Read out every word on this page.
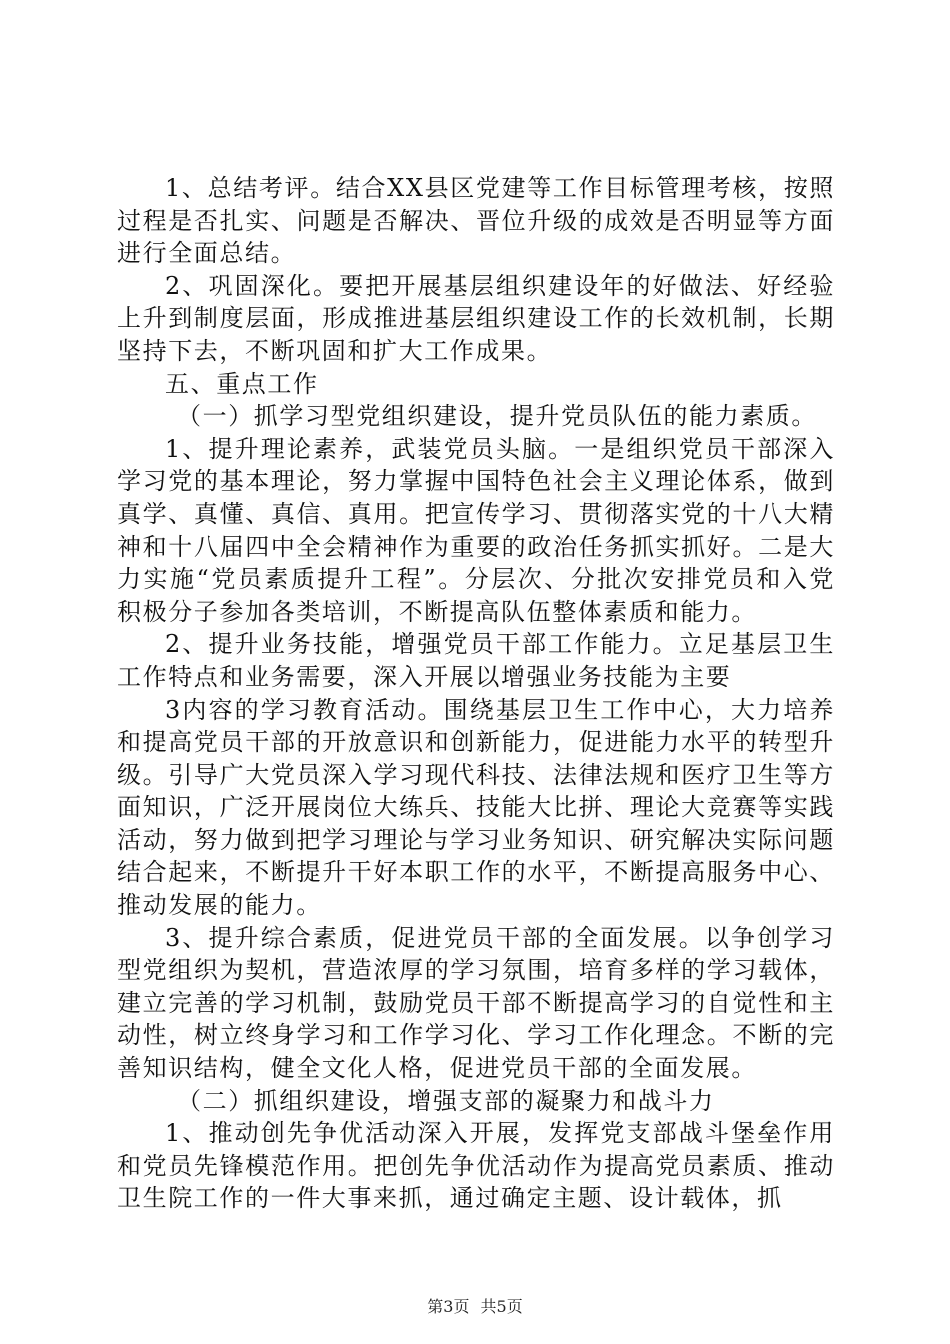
1、总结考评。结合XX县区党建等工作目标管理考核，按照过程是否扎实、问题是否解决、晋位升级的成效是否明显等方面进行全面总结。

2、巩固深化。要把开展基层组织建设年的好做法、好经验上升到制度层面，形成推进基层组织建设工作的长效机制，长期坚持下去，不断巩固和扩大工作成果。

五、重点工作

（一）抓学习型党组织建设，提升党员队伍的能力素质。

1、提升理论素养，武装党员头脑。一是组织党员干部深入学习党的基本理论，努力掌握中国特色社会主义理论体系，做到真学、真懂、真信、真用。把宣传学习、贯彻落实党的十八大精神和十八届四中全会精神作为重要的政治任务抓实抓好。二是大力实施“党员素质提升工程”。分层次、分批次安排党员和入党积极分子参加各类培训，不断提高队伍整体素质和能力。

2、提升业务技能，增强党员干部工作能力。立足基层卫生工作特点和业务需要，深入开展以增强业务技能为主要

3内容的学习教育活动。围绕基层卫生工作中心，大力培养和提高党员干部的开放意识和创新能力，促进能力水平的转型升级。引导广大党员深入学习现代科技、法律法规和医疗卫生等方面知识，广泛开展岗位大练兵、技能大比拼、理论大竞赛等实践活动，努力做到把学习理论与学习业务知识、研究解决实际问题结合起来，不断提升干好本职工作的水平，不断提高服务中心、推动发展的能力。

3、提升综合素质，促进党员干部的全面发展。以争创学习型党组织为契机，营造浓厚的学习氛围，培育多样的学习载体，建立完善的学习机制，鼓励党员干部不断提高学习的自觉性和主动性，树立终身学习和工作学习化、学习工作化理念。不断的完善知识结构，健全文化人格，促进党员干部的全面发展。

（二）抓组织建设，增强支部的凝聚力和战斗力

1、推动创先争优活动深入开展，发挥党支部战斗堡垒作用和党员先锋模范作用。把创先争优活动作为提高党员素质、推动卫生院工作的一件大事来抓，通过确定主题、设计载体，抓

第3页 共5页
